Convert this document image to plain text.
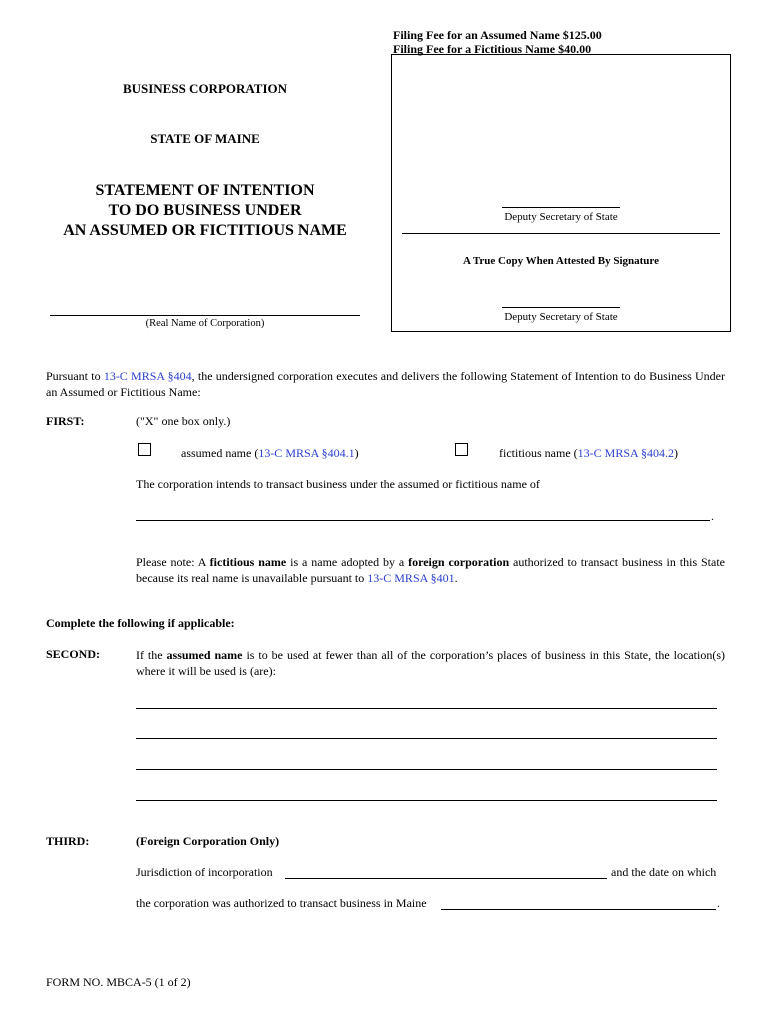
Filing Fee for an Assumed Name $125.00
Filing Fee for a Fictitious Name $40.00
Deputy Secretary of State
A True Copy When Attested By Signature
Deputy Secretary of State
BUSINESS CORPORATION
STATE OF MAINE
STATEMENT OF INTENTION
TO DO BUSINESS UNDER
AN ASSUMED OR FICTITIOUS NAME
(Real Name of Corporation)

Pursuant to 13-C MRSA §404, the undersigned corporation executes and delivers the following Statement of Intention to do Business Under an Assumed or Fictitious Name:

FIRST:	("X" one box only.)
assumed name (13-C MRSA §404.1)	fictitious name (13-C MRSA §404.2)
The corporation intends to transact business under the assumed or fictitious name of
.

Please note: A fictitious name is a name adopted by a foreign corporation authorized to transact business in this State because its real name is unavailable pursuant to 13-C MRSA §401.

Complete the following if applicable:
SECOND:	If the assumed name is to be used at fewer than all of the corporation’s places of business in this State, the location(s) where it will be used is (are):

THIRD:	(Foreign Corporation Only)
Jurisdiction of incorporation	and the date on which
the corporation was authorized to transact business in Maine	.
FORM NO. MBCA-5 (1 of 2)
